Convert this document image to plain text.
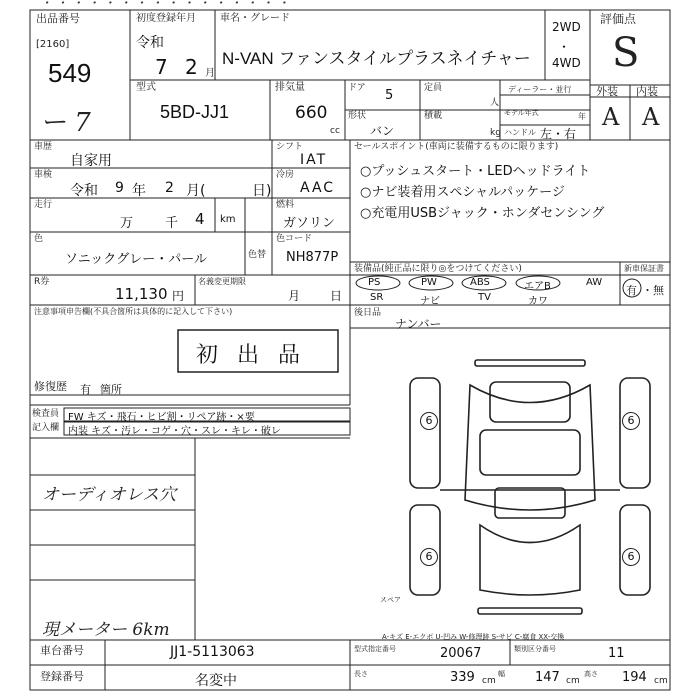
・ ・ ・ ・ ・ ・ ・ ・ ・ ・ ・ ・ ・ ・ ・ ・
出品番号
[2160]
549
ー 7
初度登録年月
令和
7 2 月
車名・グレード
N-VAN ファンスタイルプラスネイチャー
2WD
・
4WD
評価点
S
外装 内装
A A
型式
5BD-JJ1
排気量
660
cc
ドア 5	定員
人
形状
バン
積載
kg
ディーラー・並行
モデル年式	年
ハンドル 左・右
車歴
自家用
車検
令和 9 年 2 月(	日)
走行
万 千 4 km
色
ソニックグレー・パール	色替
色コード
NH877P
シフト
IAT
冷房
AAC
燃料
ガソリン
セールスポイント(車両に装備するものに限ります)
○プッシュスタート・LEDヘッドライト
○ナビ装着用スペシャルパッケージ
○充電用USBジャック・ホンダセンシング
R券
11,130 円
名義変更期限
月 日
装備品(純正品に限り◎をつけてください)
PS	PW	ABS	エアB	AW
SR	ナビ	TV	カワ
新車保証書
有 ・無
後日品
ナンバー
注意事項申告欄(不具合箇所は具体的に記入して下さい)
初 出 品
修復歴 有 箇所
検査員
記入欄
FW キズ・飛石・ヒビ割・リペア跡・×要
内装 キズ・汚レ・コゲ・穴・スレ・キレ・破レ
オーディオレス穴
現メーター 6km
6	6
6	6
スペア
A-キズ E-エクボ U-凹み W-修理跡 S-サビ C-腐食 XX-交換
車台番号	JJ1-5113063
登録番号	名変中
型式指定番号	20067	類別区分番号	11
長さ	339 cm
幅 147 cm
高さ 194 cm
